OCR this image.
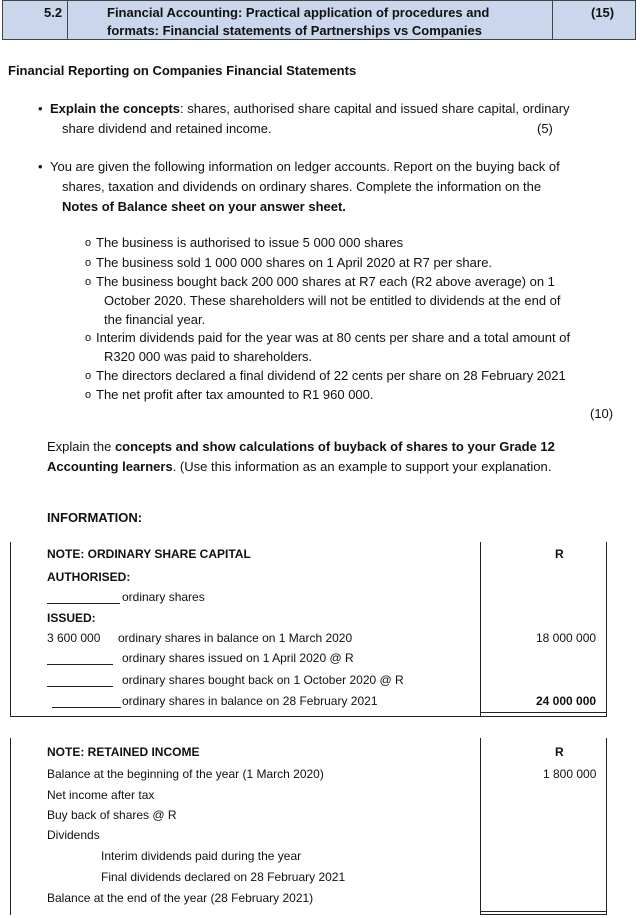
5.2	Financial Accounting: Practical application of procedures and
formats: Financial statements of Partnerships vs Companies
(15)
Financial Reporting on Companies Financial Statements
• Explain the concepts: shares, authorised share capital and issued share capital, ordinary
share dividend and retained income.	(5)
• You are given the following information on ledger accounts. Report on the buying back of
shares, taxation and dividends on ordinary shares. Complete the information on the
Notes of Balance sheet on your answer sheet.
o The business is authorised to issue 5 000 000 shares
o The business sold 1 000 000 shares on 1 April 2020 at R7 per share.
o The business bought back 200 000 shares at R7 each (R2 above average) on 1
October 2020. These shareholders will not be entitled to dividends at the end of
the financial year.
o Interim dividends paid for the year was at 80 cents per share and a total amount of
R320 000 was paid to shareholders.
o The directors declared a final dividend of 22 cents per share on 28 February 2021
o The net profit after tax amounted to R1 960 000.
(10)
Explain the concepts and show calculations of buyback of shares to your Grade 12
Accounting learners. (Use this information as an example to support your explanation.
INFORMATION:
NOTE: ORDINARY SHARE CAPITAL	R
AUTHORISED:
ordinary shares
ISSUED:
3 600 000 ordinary shares in balance on 1 March 2020	18 000 000
ordinary shares issued on 1 April 2020 @ R
ordinary shares bought back on 1 October 2020 @ R
ordinary shares in balance on 28 February 2021	24 000 000
NOTE: RETAINED INCOME	R
Balance at the beginning of the year (1 March 2020)	1 800 000
Net income after tax
Buy back of shares @ R
Dividends
Interim dividends paid during the year
Final dividends declared on 28 February 2021
Balance at the end of the year (28 February 2021)
